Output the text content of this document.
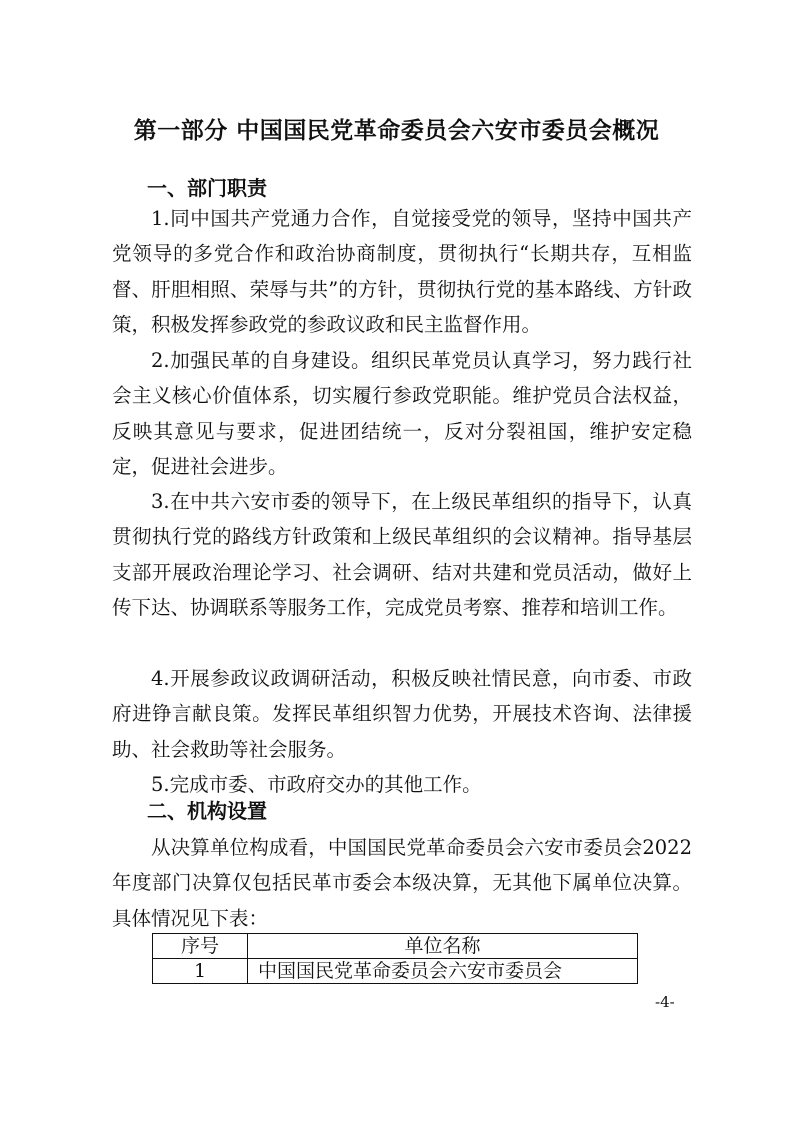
第一部分 中国国民党革命委员会六安市委员会概况
一、部门职责

1.同中国共产党通力合作，自觉接受党的领导，坚持中国共产党领导的多党合作和政治协商制度，贯彻执行“长期共存，互相监督、肝胆相照、荣辱与共”的方针，贯彻执行党的基本路线、方针政策，积极发挥参政党的参政议政和民主监督作用。

2.加强民革的自身建设。组织民革党员认真学习，努力践行社会主义核心价值体系，切实履行参政党职能。维护党员合法权益，反映其意见与要求，促进团结统一，反对分裂祖国，维护安定稳定，促进社会进步。

3.在中共六安市委的领导下，在上级民革组织的指导下，认真贯彻执行党的路线方针政策和上级民革组织的会议精神。指导基层支部开展政治理论学习、社会调研、结对共建和党员活动，做好上传下达、协调联系等服务工作，完成党员考察、推荐和培训工作。

4.开展参政议政调研活动，积极反映社情民意，向市委、市政府进铮言献良策。发挥民革组织智力优势，开展技术咨询、法律援助、社会救助等社会服务。

5.完成市委、市政府交办的其他工作。

二、机构设置

从决算单位构成看，中国国民党革命委员会六安市委员会2022 年度部门决算仅包括民革市委会本级决算，无其他下属单位决算。具体情况见下表：

序号	单位名称
1	中国国民党革命委员会六安市委员会
-4-
